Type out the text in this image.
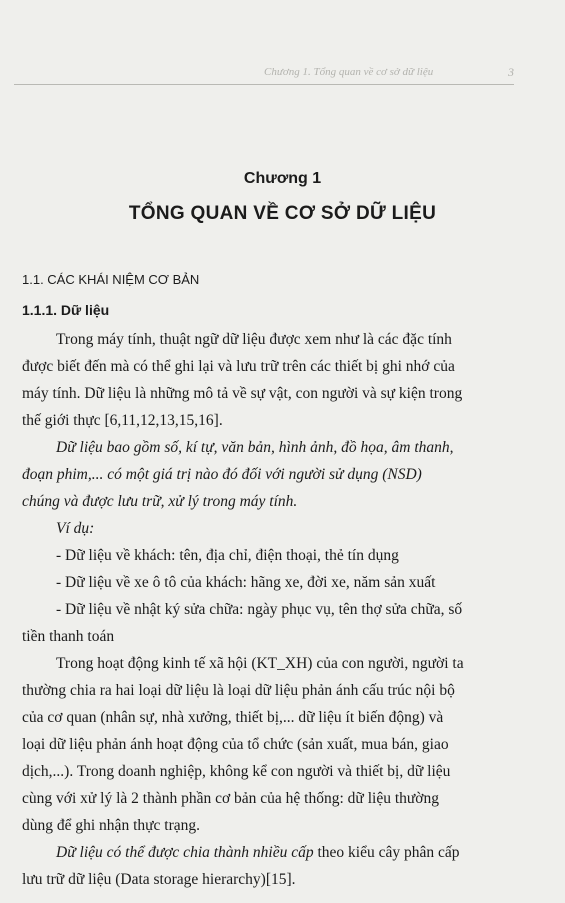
Chương 1. Tổng quan về cơ sở dữ liệu	3
Chương 1
TỔNG QUAN VỀ CƠ SỞ DỮ LIỆU
1.1. CÁC KHÁI NIỆM CƠ BẢN
1.1.1. Dữ liệu
Trong máy tính, thuật ngữ dữ liệu được xem như là các đặc tính
được biết đến mà có thể ghi lại và lưu trữ trên các thiết bị ghi nhớ của
máy tính. Dữ liệu là những mô tả về sự vật, con người và sự kiện trong
thế giới thực [6,11,12,13,15,16].
Dữ liệu bao gồm số, kí tự, văn bản, hình ảnh, đồ họa, âm thanh,
đoạn phim,... có một giá trị nào đó đối với người sử dụng (NSD)
chúng và được lưu trữ, xử lý trong máy tính.
Ví dụ:
- Dữ liệu về khách: tên, địa chỉ, điện thoại, thẻ tín dụng
- Dữ liệu về xe ô tô của khách: hãng xe, đời xe, năm sản xuất
- Dữ liệu về nhật ký sửa chữa: ngày phục vụ, tên thợ sửa chữa, số
tiền thanh toán
Trong hoạt động kinh tế xã hội (KT_XH) của con người, người ta
thường chia ra hai loại dữ liệu là loại dữ liệu phản ánh cấu trúc nội bộ
của cơ quan (nhân sự, nhà xưởng, thiết bị,... dữ liệu ít biến động) và
loại dữ liệu phản ánh hoạt động của tổ chức (sản xuất, mua bán, giao
dịch,...). Trong doanh nghiệp, không kể con người và thiết bị, dữ liệu
cùng với xử lý là 2 thành phần cơ bản của hệ thống: dữ liệu thường
dùng để ghi nhận thực trạng.
Dữ liệu có thể được chia thành nhiều cấp theo kiểu cây phân cấp
lưu trữ dữ liệu (Data storage hierarchy)[15].
